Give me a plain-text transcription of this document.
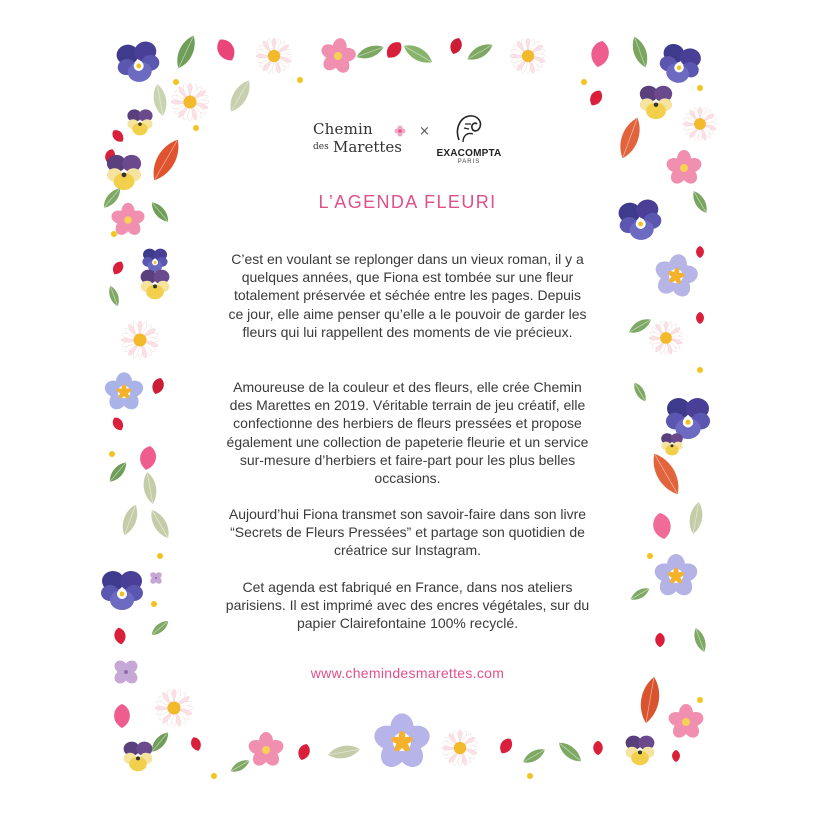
Chemin
des Marettes
×
EXACOMPTA
PARIS
L’AGENDA FLEURI
C’est en voulant se replonger dans un vieux roman, il y a quelques années, que Fiona est tombée sur une fleur totalement préservée et séchée entre les pages. Depuis ce jour, elle aime penser qu’elle a le pouvoir de garder les fleurs qui lui rappellent des moments de vie précieux.
Amoureuse de la couleur et des fleurs, elle crée Chemin des Marettes en 2019. Véritable terrain de jeu créatif, elle confectionne des herbiers de fleurs pressées et propose également une collection de papeterie fleurie et un service sur-mesure d’herbiers et faire-part pour les plus belles occasions.
Aujourd’hui Fiona transmet son savoir-faire dans son livre “Secrets de Fleurs Pressées” et partage son quotidien de créatrice sur Instagram.
Cet agenda est fabriqué en France, dans nos ateliers parisiens. Il est imprimé avec des encres végétales, sur du papier Clairefontaine 100% recyclé.
www.chemindesmarettes.com
